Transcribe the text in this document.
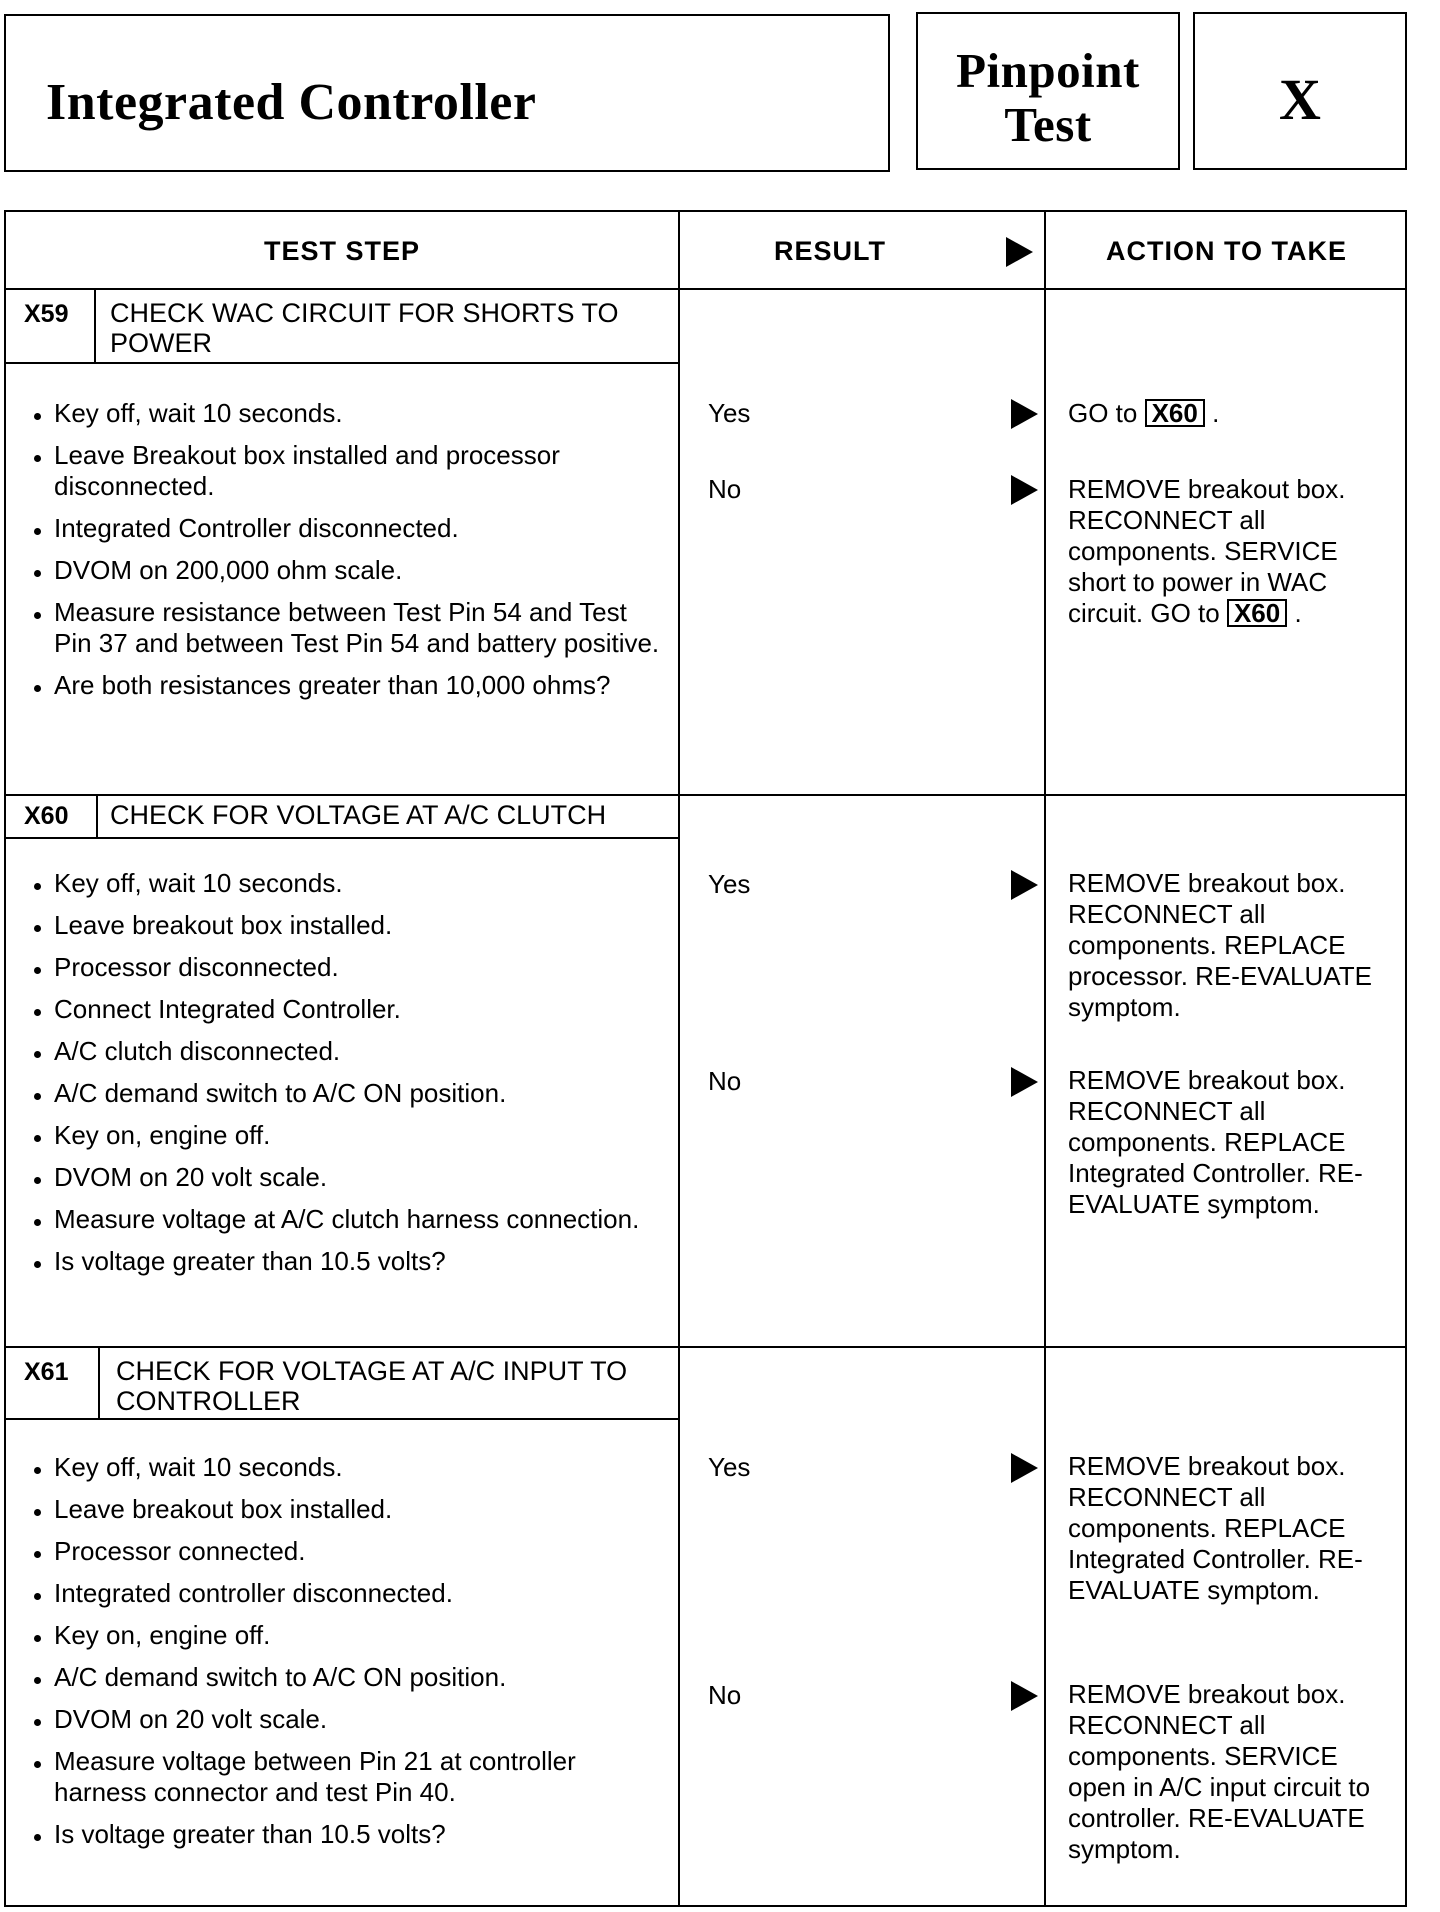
Integrated Controller
Pinpoint
Test	X
TEST STEP	RESULT	ACTION TO TAKE
X59 CHECK WAC CIRCUIT FOR SHORTS TO POWER
Key off, wait 10 seconds.
Leave Breakout box installed and processor disconnected.
Integrated Controller disconnected.
DVOM on 200,000 ohm scale.
Measure resistance between Test Pin 54 and Test Pin 37 and between Test Pin 54 and battery positive.
Are both resistances greater than 10,000 ohms?
Yes	GO to X60 .
No	REMOVE breakout box. RECONNECT all components. SERVICE short to power in WAC circuit. GO to X60 .
X60 CHECK FOR VOLTAGE AT A/C CLUTCH
Key off, wait 10 seconds.
Leave breakout box installed.
Processor disconnected.
Connect Integrated Controller.
A/C clutch disconnected.
A/C demand switch to A/C ON position.
Key on, engine off.
DVOM on 20 volt scale.
Measure voltage at A/C clutch harness connection.
Is voltage greater than 10.5 volts?
Yes	REMOVE breakout box. RECONNECT all components. REPLACE processor. RE-EVALUATE symptom.
No	REMOVE breakout box. RECONNECT all components. REPLACE Integrated Controller. RE-EVALUATE symptom.
X61 CHECK FOR VOLTAGE AT A/C INPUT TO CONTROLLER
Key off, wait 10 seconds.
Leave breakout box installed.
Processor connected.
Integrated controller disconnected.
Key on, engine off.
A/C demand switch to A/C ON position.
DVOM on 20 volt scale.
Measure voltage between Pin 21 at controller harness connector and test Pin 40.
Is voltage greater than 10.5 volts?
Yes	REMOVE breakout box. RECONNECT all components. REPLACE Integrated Controller. RE-EVALUATE symptom.
No	REMOVE breakout box. RECONNECT all components. SERVICE open in A/C input circuit to controller. RE-EVALUATE symptom.
